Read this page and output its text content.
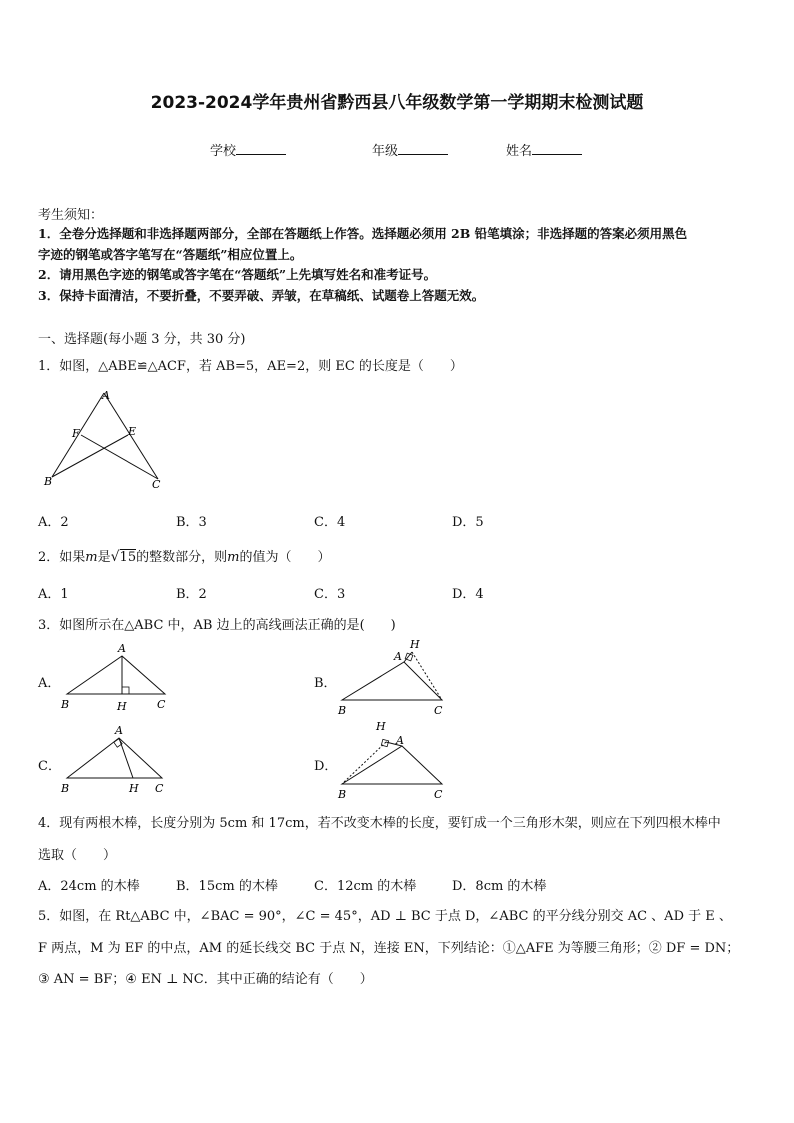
2023-2024学年贵州省黔西县八年级数学第一学期期末检测试题
学校	年级	姓名
考生须知：
1．全卷分选择题和非选择题两部分，全部在答题纸上作答。选择题必须用 2B 铅笔填涂；非选择题的答案必须用黑色
字迹的钢笔或答字笔写在“答题纸”相应位置上。
2．请用黑色字迹的钢笔或答字笔在“答题纸”上先填写姓名和准考证号。
3．保持卡面清洁，不要折叠，不要弄破、弄皱，在草稿纸、试题卷上答题无效。
一、选择题(每小题 3 分，共 30 分)
1．如图，△ABE≌△ACF，若 AB=5，AE=2，则 EC 的长度是（　　）
A
F	E
B	C
A．2	B．3	C．4	D．5
2．如果m是√15的整数部分，则m的值为（　　）
A．1	B．2	C．3	D．4
3．如图所示在△ABC 中，AB 边上的高线画法正确的是(　　)
A．
A
B	H	C
B．
H
A
B	C
C．
A
B	H C
D．
H
A
B	C
4．现有两根木棒，长度分别为 5cm 和 17cm，若不改变木棒的长度，要钉成一个三角形木架，则应在下列四根木棒中
选取（　　）
A．24cm 的木棒	B．15cm 的木棒	C．12cm 的木棒	D．8cm 的木棒
5．如图，在 Rt△ABC 中，∠BAC = 90°，∠C = 45°，AD ⊥ BC 于点 D，∠ABC 的平分线分别交 AC 、AD 于 E 、
F 两点，M 为 EF 的中点，AM 的延长线交 BC 于点 N，连接 EN，下列结论：①△AFE 为等腰三角形；② DF = DN；
③ AN = BF；④ EN ⊥ NC．其中正确的结论有（　　）
